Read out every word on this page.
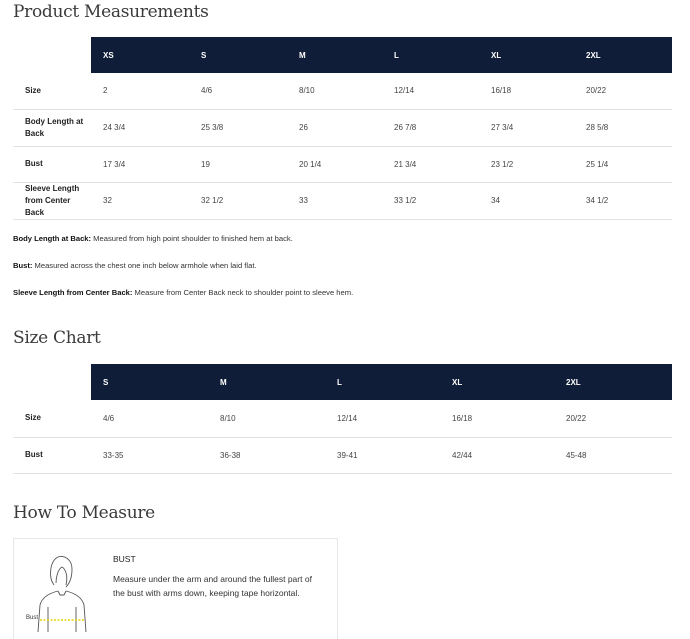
Product Measurements
	XS	S	M	L	XL	2XL
Size	2	4/6	8/10	12/14	16/18	20/22
Body Length at Back	24 3/4	25 3/8	26	26 7/8	27 3/4	28 5/8
Bust	17 3/4	19	20 1/4	21 3/4	23 1/2	25 1/4
Sleeve Length from Center Back	32	32 1/2	33	33 1/2	34	34 1/2

Body Length at Back: Measured from high point shoulder to finished hem at back.

Bust: Measured across the chest one inch below armhole when laid flat.

Sleeve Length from Center Back: Measure from Center Back neck to shoulder point to sleeve hem.

Size Chart
	S	M	L	XL	2XL
Size	4/6	8/10	12/14	16/18	20/22
Bust	33-35	36-38	39-41	42/44	45-48
How To Measure
Bust

BUST

Measure under the arm and around the fullest part of the bust with arms down, keeping tape horizontal.
